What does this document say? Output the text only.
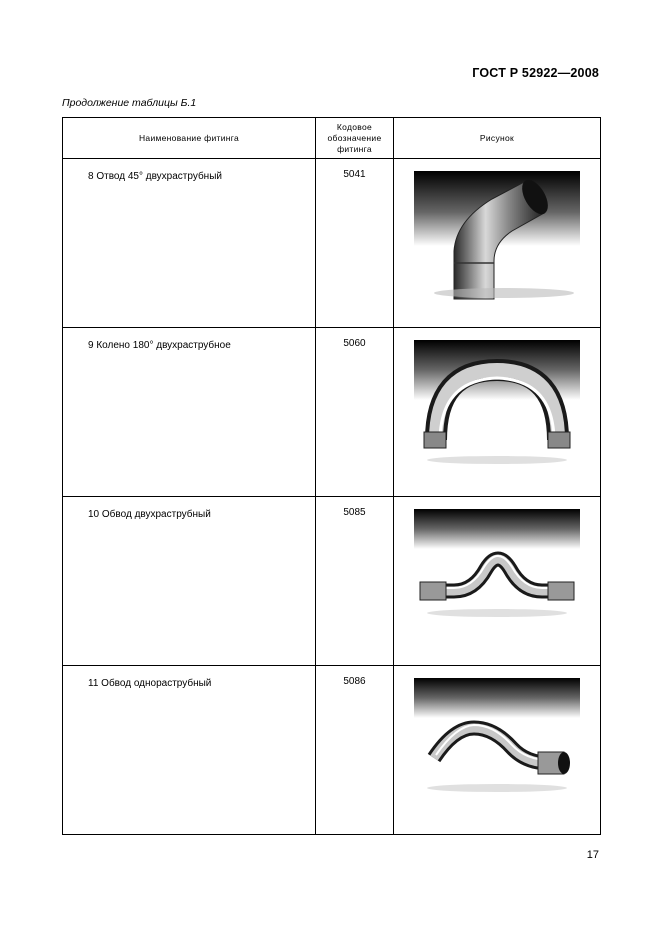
ГОСТ Р 52922—2008
Продолжение таблицы Б.1
Наименование фитинга	Кодовое обозначение фитинга	Рисунок

8 Отвод 45° двухраструбный	5041

9 Колено 180° двухраструбное	5060

10 Обвод двухраструбный	5085

11 Обвод однораструбный	5086

17
